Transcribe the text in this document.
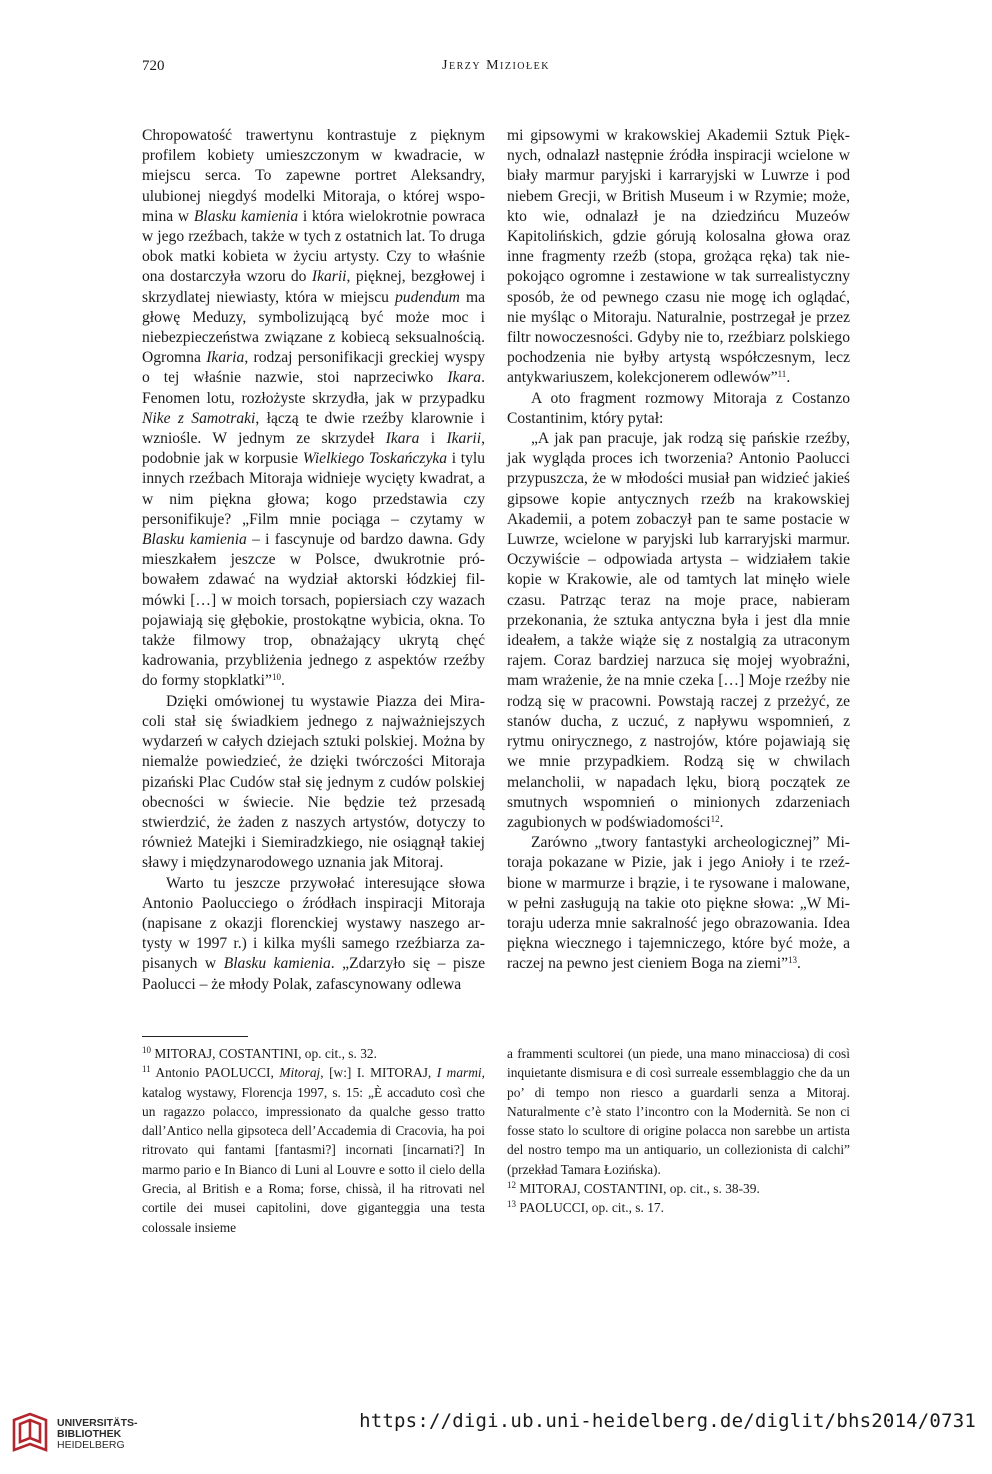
720	Jerzy Miziołek

Chropowatość trawertynu kontrastuje z pięknym profilem kobiety umieszczonym w kwadracie, w miejscu serca. To zapewne portret Aleksandry, ulubionej niegdyś modelki Mitoraja, o której wspomina w Blasku kamienia i która wielokrotnie powraca w jego rzeźbach, także w tych z ostatnich lat. To druga obok matki kobieta w życiu artysty. Czy to właśnie ona dostarczyła wzoru do Ikarii, pięknej, bezgłowej i skrzydlatej niewiasty, która w miejscu pudendum ma głowę Meduzy, symbolizującą być może moc i niebezpieczeństwa związane z kobiecą seksualnością. Ogromna Ikaria, rodzaj personifikacji greckiej wyspy o tej właśnie nazwie, stoi naprzeciwko Ikara. Fenomen lotu, rozłożyste skrzydła, jak w przypadku Nike z Samotraki, łączą te dwie rzeźby klarownie i wzniośle. W jednym ze skrzydeł Ikara i Ikarii, podobnie jak w korpusie Wielkiego Toskańczyka i tylu innych rzeźbach Mitoraja widnieje wycięty kwadrat, a w nim piękna głowa; kogo przedstawia czy personifikuje? „Film mnie pociąga – czytamy w Blasku kamienia – i fascynuje od bardzo dawna. Gdy mieszkałem jeszcze w Polsce, dwukrotnie próbowałem zdawać na wydział aktorski łódzkiej filmówki […] w moich torsach, popiersiach czy wazach pojawiają się głębokie, prostokątne wybicia, okna. To także filmowy trop, obnażający ukrytą chęć kadrowania, przybliżenia jednego z aspektów rzeźby do formy stopklatki”$^{10}$.

Dzięki omówionej tu wystawie Piazza dei Miracoli stał się świadkiem jednego z najważniejszych wydarzeń w całych dziejach sztuki polskiej. Można by niemalże powiedzieć, że dzięki twórczości Mitoraja pizański Plac Cudów stał się jednym z cudów polskiej obecności w świecie. Nie będzie też przesadą stwierdzić, że żaden z naszych artystów, dotyczy to również Matejki i Siemiradzkiego, nie osiągnął takiej sławy i międzynarodowego uznania jak Mitoraj.

Warto tu jeszcze przywołać interesujące słowa Antonio Paolucciego o źródłach inspiracji Mitoraja (napisane z okazji florenckiej wystawy naszego artysty w 1997 r.) i kilka myśli samego rzeźbiarza zapisanych w Blasku kamienia. „Zdarzyło się – pisze Paolucci – że młody Polak, zafascynowany odlewa

mi gipsowymi w krakowskiej Akademii Sztuk Pięknych, odnalazł następnie źródła inspiracji wcielone w biały marmur paryjski i karraryjski w Luwrze i pod niebem Grecji, w British Museum i w Rzymie; może, kto wie, odnalazł je na dziedzińcu Muzeów Kapitolińskich, gdzie górują kolosalna głowa oraz inne fragmenty rzeźb (stopa, grożąca ręka) tak niepokojąco ogromne i zestawione w tak surrealistyczny sposób, że od pewnego czasu nie mogę ich oglądać, nie myśląc o Mitoraju. Naturalnie, postrzegał je przez filtr nowoczesności. Gdyby nie to, rzeźbiarz polskiego pochodzenia nie byłby artystą współczesnym, lecz antykwariuszem, kolekcjonerem odlewów”$^{11}$.

A oto fragment rozmowy Mitoraja z Costanzo Costantinim, który pytał:

„A jak pan pracuje, jak rodzą się pańskie rzeźby, jak wygląda proces ich tworzenia? Antonio Paolucci przypuszcza, że w młodości musiał pan widzieć jakieś gipsowe kopie antycznych rzeźb na krakowskiej Akademii, a potem zobaczył pan te same postacie w Luwrze, wcielone w paryjski lub karraryjski marmur. Oczywiście – odpowiada artysta – widziałem takie kopie w Krakowie, ale od tamtych lat minęło wiele czasu. Patrząc teraz na moje prace, nabieram przekonania, że sztuka antyczna była i jest dla mnie ideałem, a także wiąże się z nostalgią za utraconym rajem. Coraz bardziej narzuca się mojej wyobraźni, mam wrażenie, że na mnie czeka […] Moje rzeźby nie rodzą się w pracowni. Powstają raczej z przeżyć, ze stanów ducha, z uczuć, z napływu wspomnień, z rytmu onirycznego, z nastrojów, które pojawiają się we mnie przypadkiem. Rodzą się w chwilach melancholii, w napadach lęku, biorą początek ze smutnych wspomnień o minionych zdarzeniach zagubionych w podświadomości$^{12}$.

Zarówno „twory fantastyki archeologicznej” Mitoraja pokazane w Pizie, jak i jego Anioły i te rzeźbione w marmurze i brązie, i te rysowane i malowane, w pełni zasługują na takie oto piękne słowa: „W Mitoraju uderza mnie sakralność jego obrazowania. Idea piękna wiecznego i tajemniczego, które być może, a raczej na pewno jest cieniem Boga na ziemi”$^{13}$.

$^{10}$ MITORAJ, COSTANTINI, op. cit., s. 32.

$^{11}$ Antonio PAOLUCCI, Mitoraj, [w:] I. MITORAJ, I marmi, katalog wystawy, Florencja 1997, s. 15: „È accaduto così che un ragazzo polacco, impressionato da qualche gesso tratto dall’Antico nella gipsoteca dell’Accademia di Cracovia, ha poi ritrovato qui fantami [fantasmi?] incornati [incarnati?] In marmo pario e In Bianco di Luni al Louvre e sotto il cielo della Grecia, al British e a Roma; forse, chissà, il ha ritrovati nel cortile dei musei capitolini, dove giganteggia una testa colossale insieme

a frammenti scultorei (un piede, una mano minacciosa) di così inquietante dismisura e di così surreale essemblaggio che da un po’ di tempo non riesco a guardarli senza a Mitoraj. Naturalmente c’è stato l’incontro con la Modernità. Se non ci fosse stato lo scultore di origine polacca non sarebbe un artista del nostro tempo ma un antiquario, un collezionista di calchi” (przekład Tamara Łozińska).

$^{12}$ MITORAJ, COSTANTINI, op. cit., s. 38-39.

$^{13}$ PAOLUCCI, op. cit., s. 17.

UNIVERSITÄTS-
BIBLIOTHEK
HEIDELBERG
https://digi.ub.uni-heidelberg.de/diglit/bhs2014/0731
